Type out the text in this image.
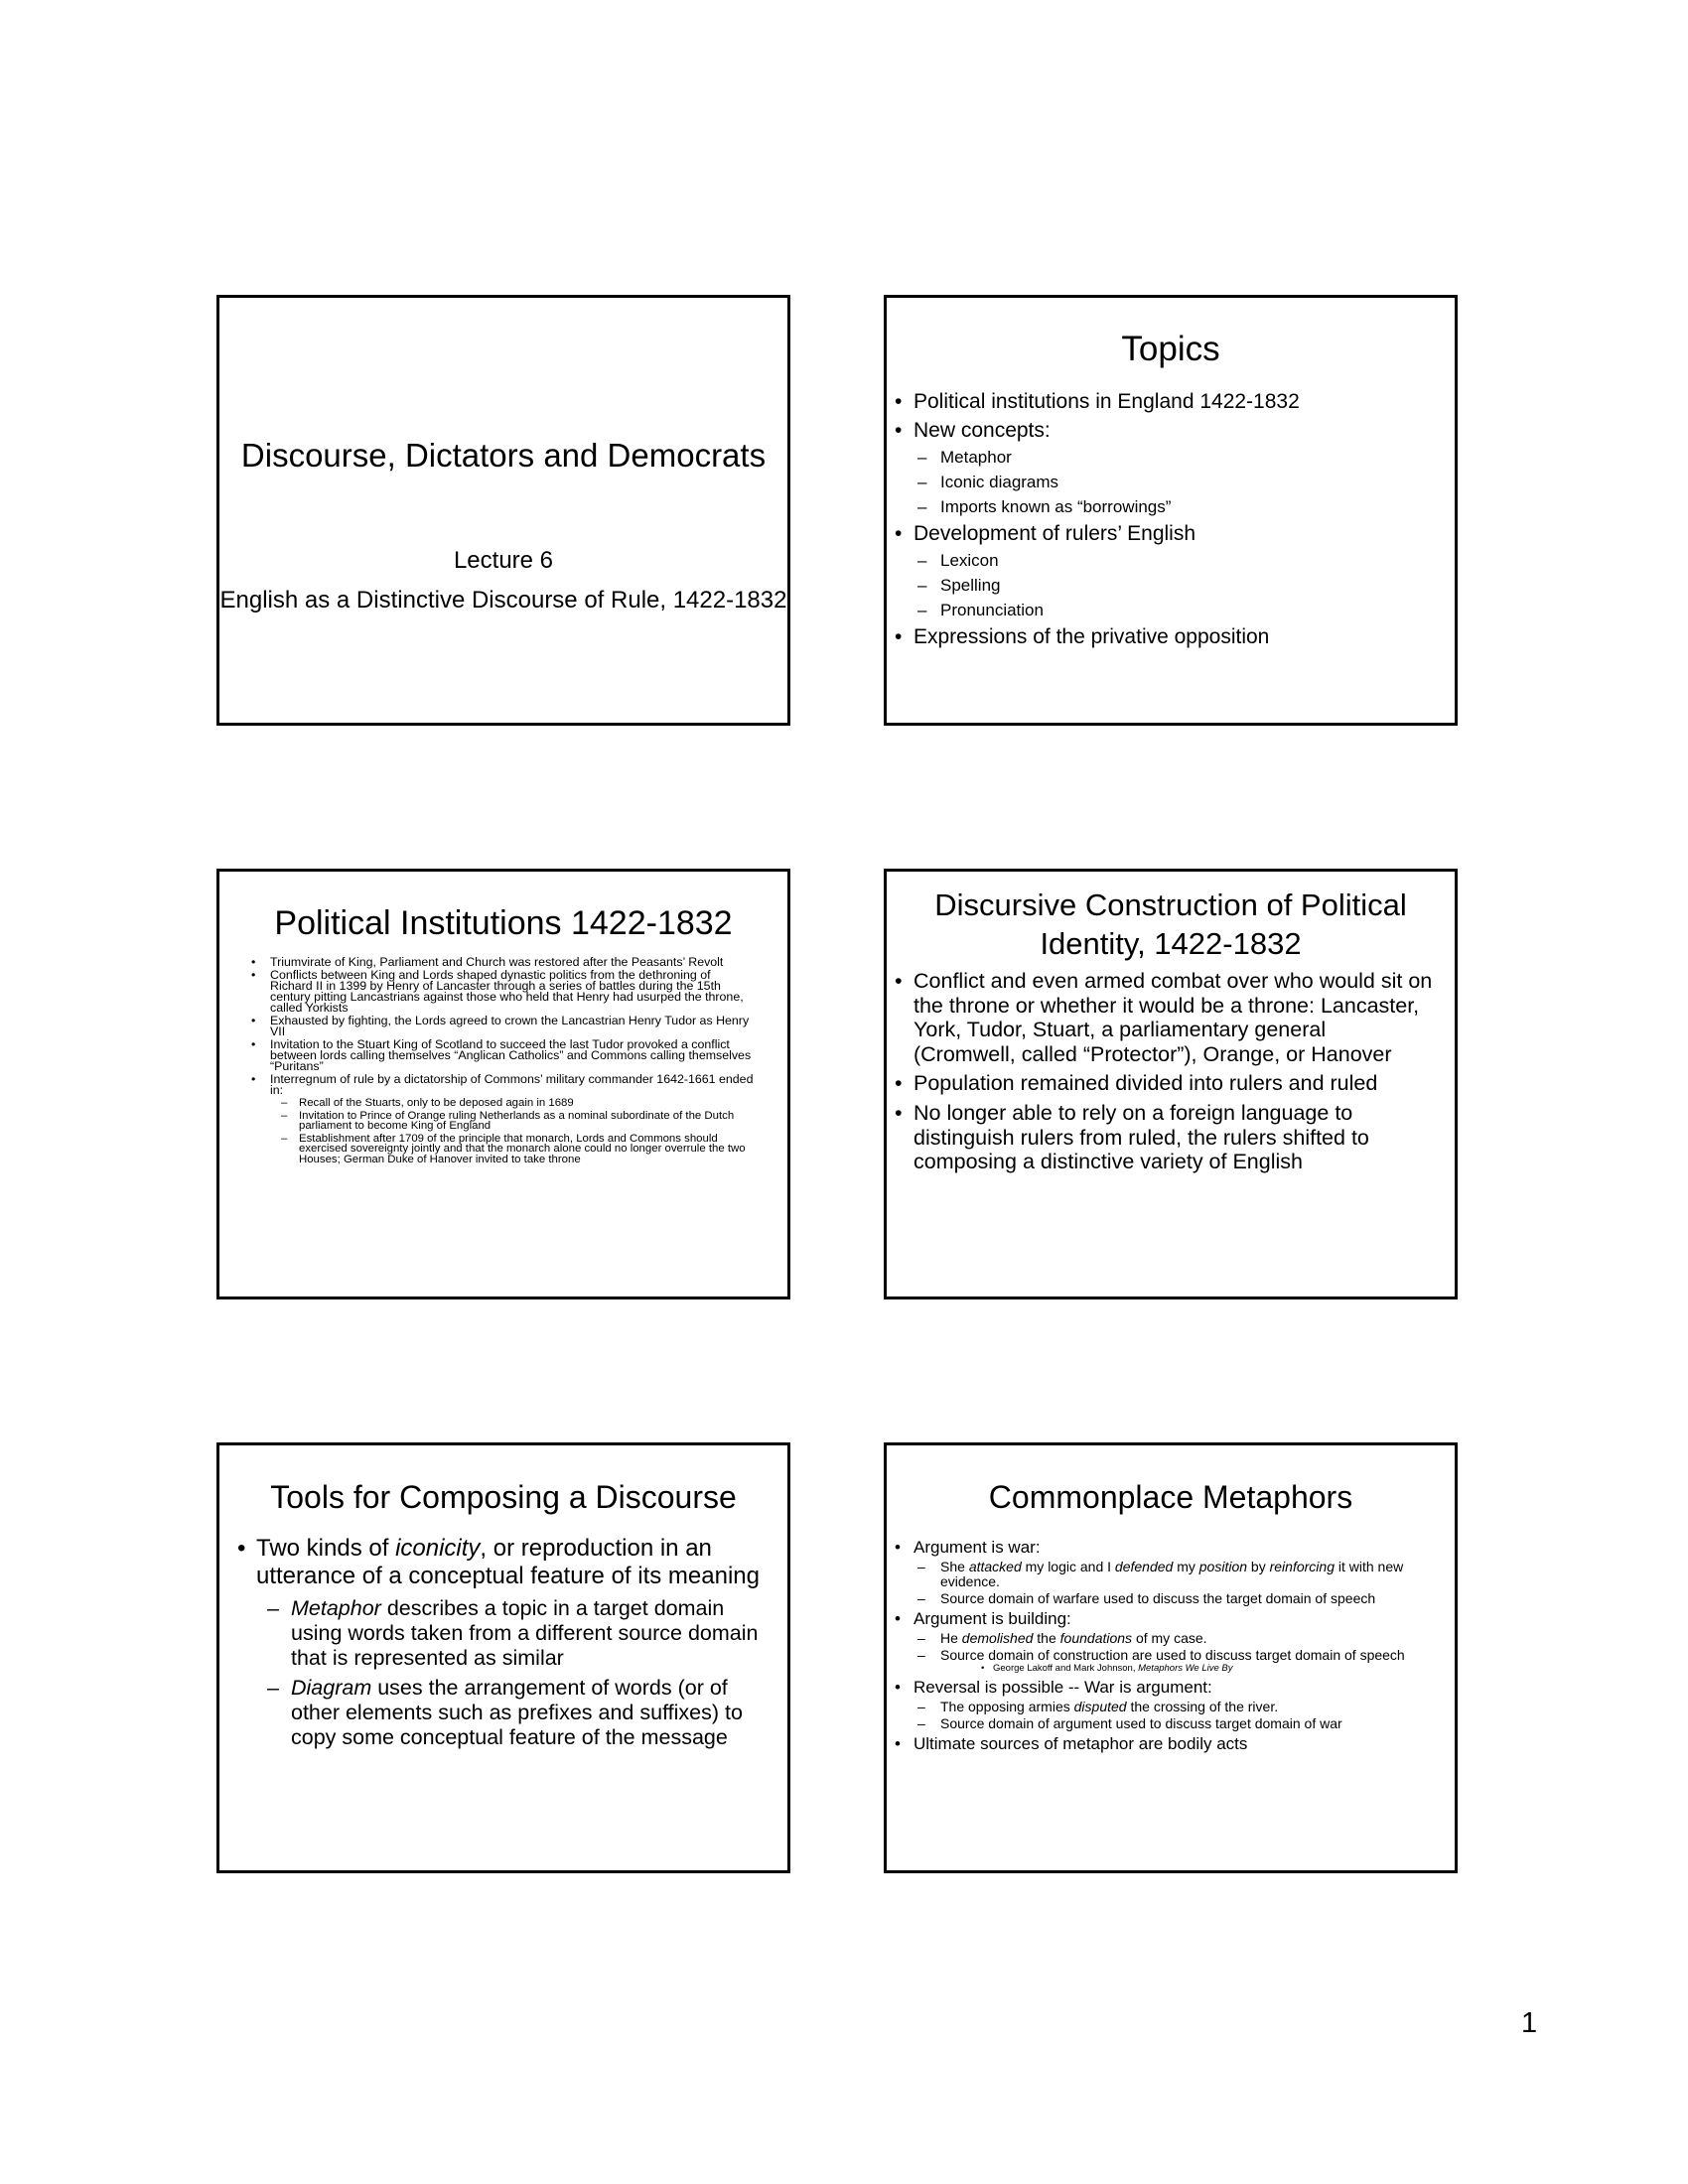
Discourse, Dictators and Democrats
Lecture 6
English as a Distinctive Discourse of Rule, 1422-1832
Topics
• Political institutions in England 1422-1832
• New concepts:
– Metaphor
– Iconic diagrams
– Imports known as “borrowings”
• Development of rulers’ English
– Lexicon
– Spelling
– Pronunciation
• Expressions of the privative opposition
Political Institutions 1422-1832
• Triumvirate of King, Parliament and Church was restored after the Peasants’ Revolt
• Conflicts between King and Lords shaped dynastic politics from the dethroning of Richard II in 1399 by Henry of Lancaster through a series of battles during the 15th century pitting Lancastrians against those who held that Henry had usurped the throne, called Yorkists
• Exhausted by fighting, the Lords agreed to crown the Lancastrian Henry Tudor as Henry VII
• Invitation to the Stuart King of Scotland to succeed the last Tudor provoked a conflict between lords calling themselves “Anglican Catholics” and Commons calling themselves “Puritans”
• Interregnum of rule by a dictatorship of Commons’ military commander 1642-1661 ended in:
– Recall of the Stuarts, only to be deposed again in 1689
– Invitation to Prince of Orange ruling Netherlands as a nominal subordinate of the Dutch parliament to become King of England
– Establishment after 1709 of the principle that monarch, Lords and Commons should exercised sovereignty jointly and that the monarch alone could no longer overrule the two Houses; German Duke of Hanover invited to take throne
Discursive Construction of Political Identity, 1422-1832
• Conflict and even armed combat over who would sit on the throne or whether it would be a throne: Lancaster, York, Tudor, Stuart, a parliamentary general (Cromwell, called “Protector”), Orange, or Hanover
• Population remained divided into rulers and ruled
• No longer able to rely on a foreign language to distinguish rulers from ruled, the rulers shifted to composing a distinctive variety of English
Tools for Composing a Discourse
• Two kinds of iconicity, or reproduction in an utterance of a conceptual feature of its meaning
– Metaphor describes a topic in a target domain using words taken from a different source domain that is represented as similar
– Diagram uses the arrangement of words (or of other elements such as prefixes and suffixes) to copy some conceptual feature of the message
Commonplace Metaphors
• Argument is war:
– She attacked my logic and I defended my position by reinforcing it with new evidence.
– Source domain of warfare used to discuss the target domain of speech
• Argument is building:
– He demolished the foundations of my case.
– Source domain of construction are used to discuss target domain of speech
• George Lakoff and Mark Johnson, Metaphors We Live By
• Reversal is possible -- War is argument:
– The opposing armies disputed the crossing of the river.
– Source domain of argument used to discuss target domain of war
• Ultimate sources of metaphor are bodily acts
1
